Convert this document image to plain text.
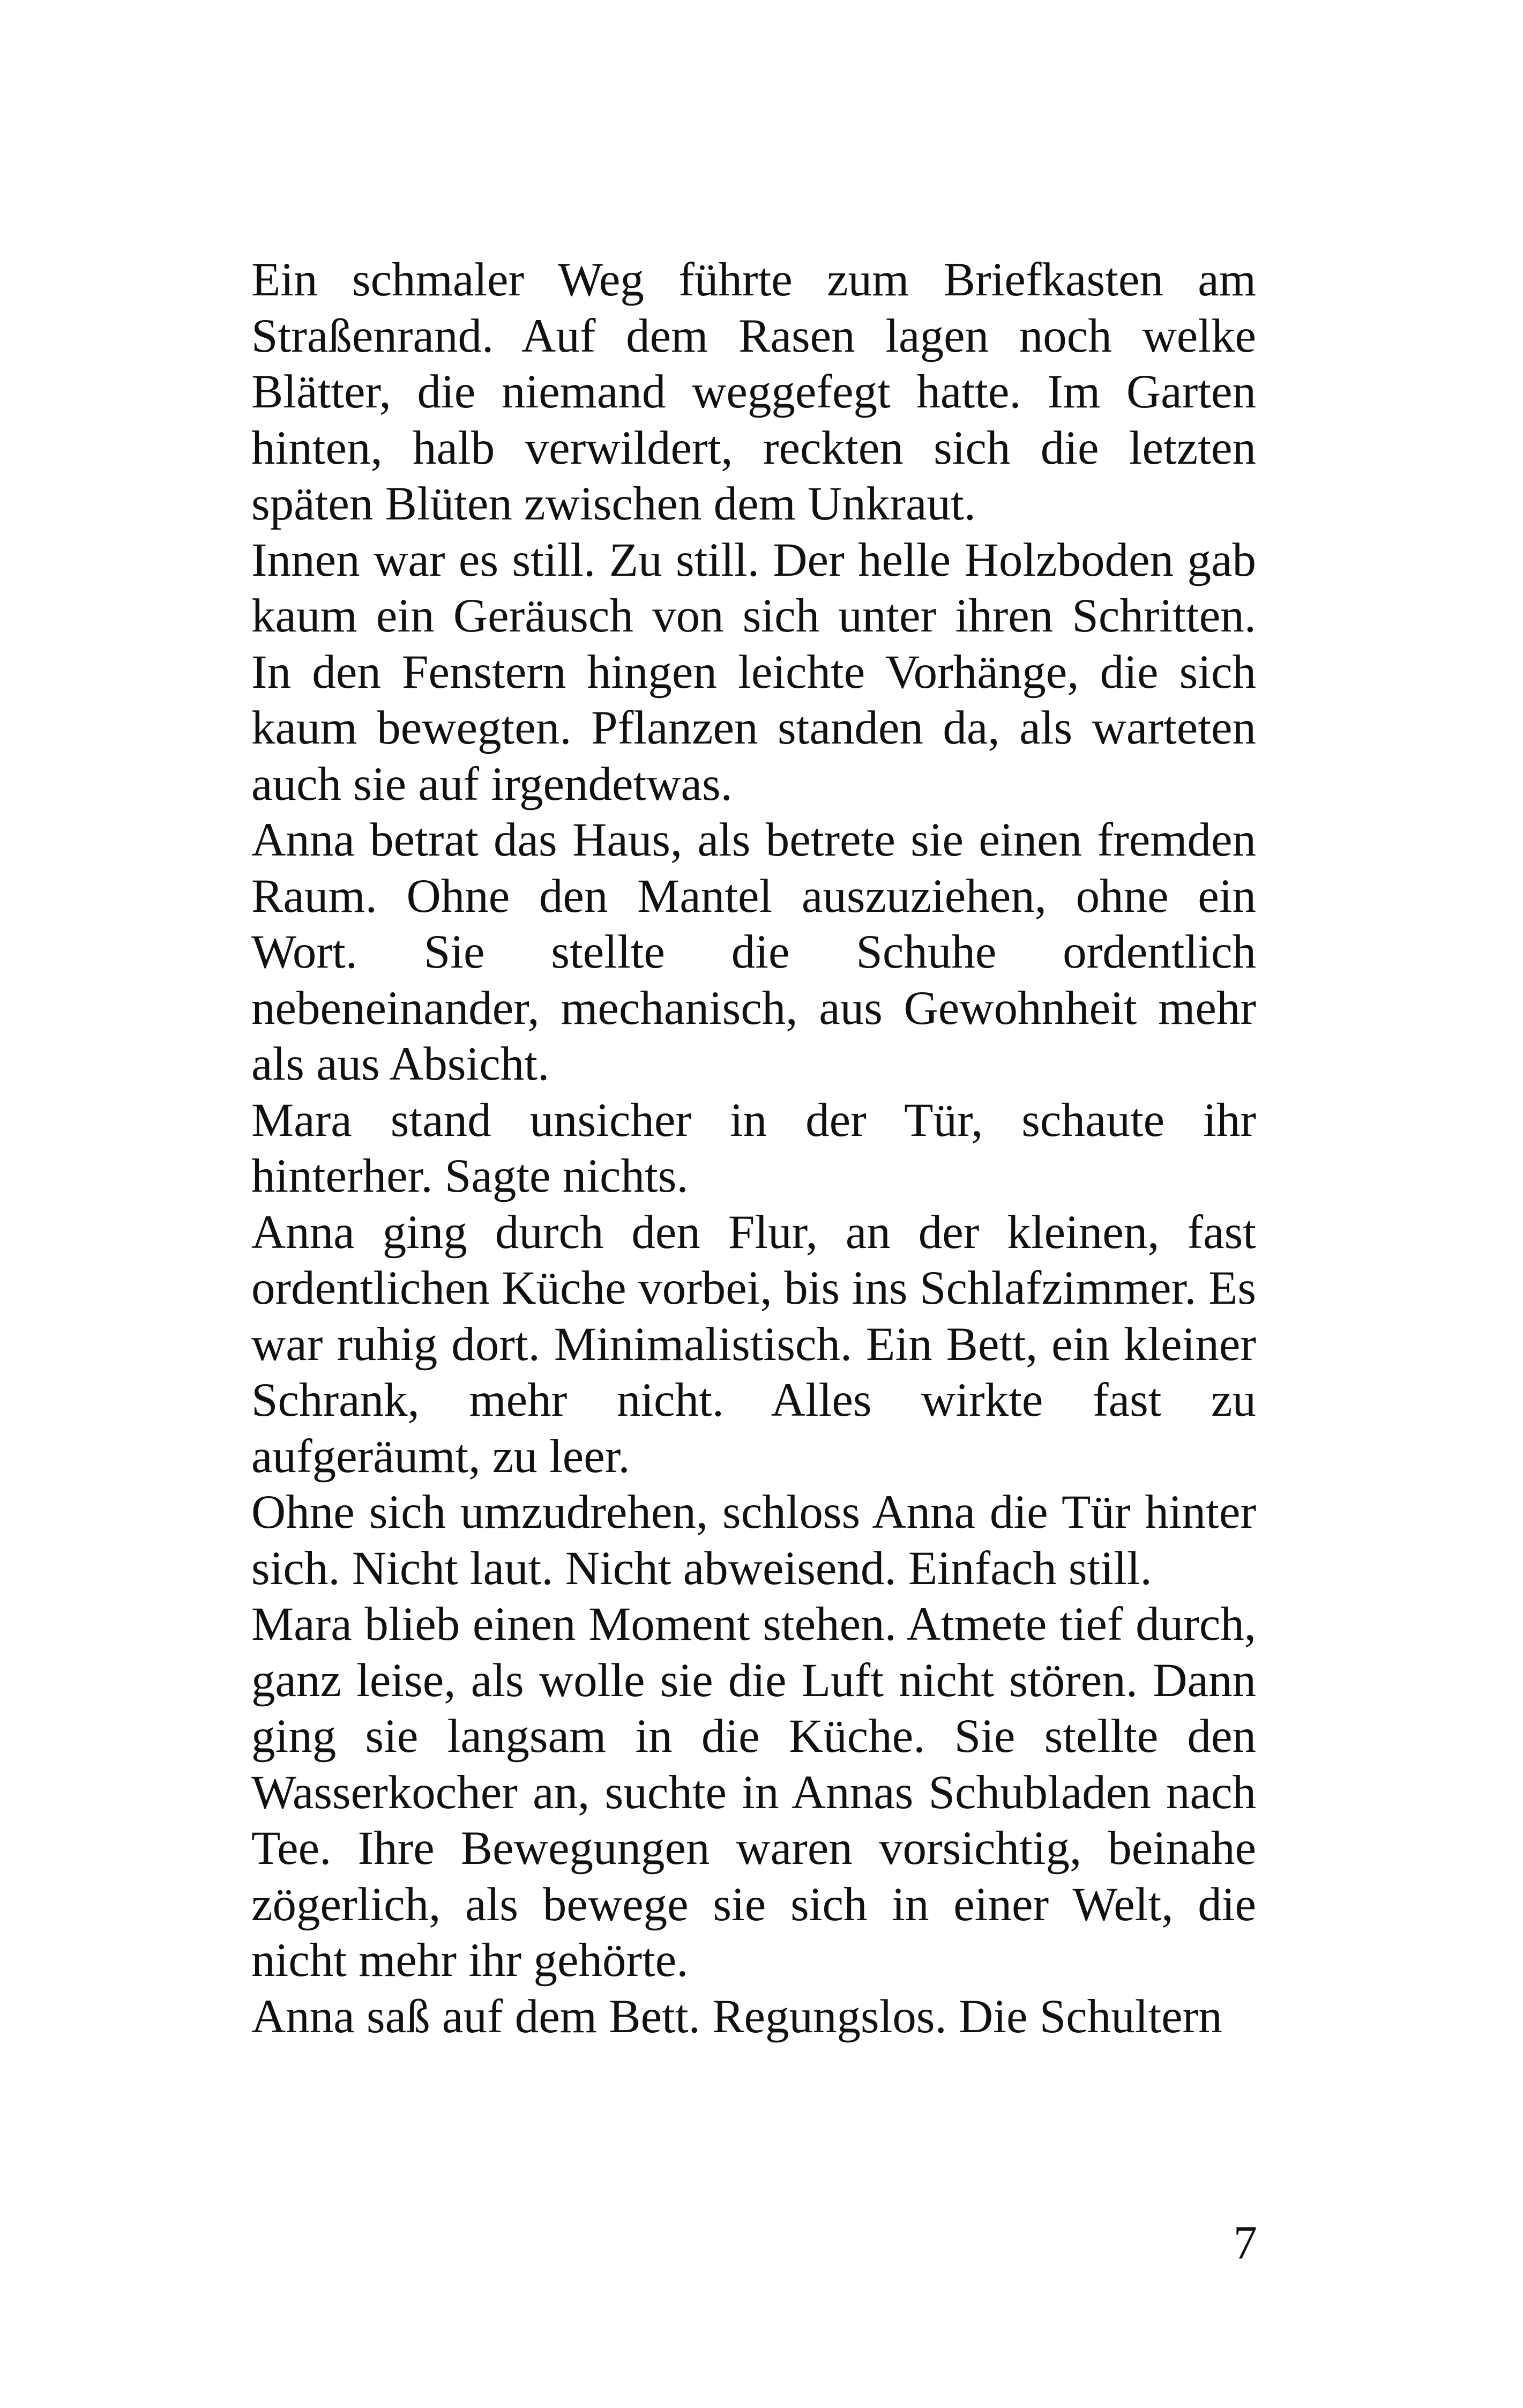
Ein schmaler Weg führte zum Briefkasten am Straßenrand. Auf dem Rasen lagen noch welke Blätter, die niemand weggefegt hatte. Im Garten hinten, halb verwildert, reckten sich die letzten späten Blüten zwischen dem Unkraut.

Innen war es still. Zu still. Der helle Holzboden gab kaum ein Geräusch von sich unter ihren Schritten. In den Fenstern hingen leichte Vorhänge, die sich kaum bewegten. Pflanzen standen da, als warteten auch sie auf irgendetwas.

Anna betrat das Haus, als betrete sie einen fremden Raum. Ohne den Mantel auszuziehen, ohne ein Wort. Sie stellte die Schuhe ordentlich nebeneinander, mechanisch, aus Gewohnheit mehr als aus Absicht.

Mara stand unsicher in der Tür, schaute ihr hinterher. Sagte nichts.

Anna ging durch den Flur, an der kleinen, fast ordentlichen Küche vorbei, bis ins Schlafzimmer. Es war ruhig dort. Minimalistisch. Ein Bett, ein kleiner Schrank, mehr nicht. Alles wirkte fast zu aufgeräumt, zu leer.

Ohne sich umzudrehen, schloss Anna die Tür hinter sich. Nicht laut. Nicht abweisend. Einfach still.

Mara blieb einen Moment stehen. Atmete tief durch, ganz leise, als wolle sie die Luft nicht stören. Dann ging sie langsam in die Küche. Sie stellte den Wasserkocher an, suchte in Annas Schubladen nach Tee. Ihre Bewegungen waren vorsichtig, beinahe zögerlich, als bewege sie sich in einer Welt, die nicht mehr ihr gehörte.

Anna saß auf dem Bett. Regungslos. Die Schultern

7
